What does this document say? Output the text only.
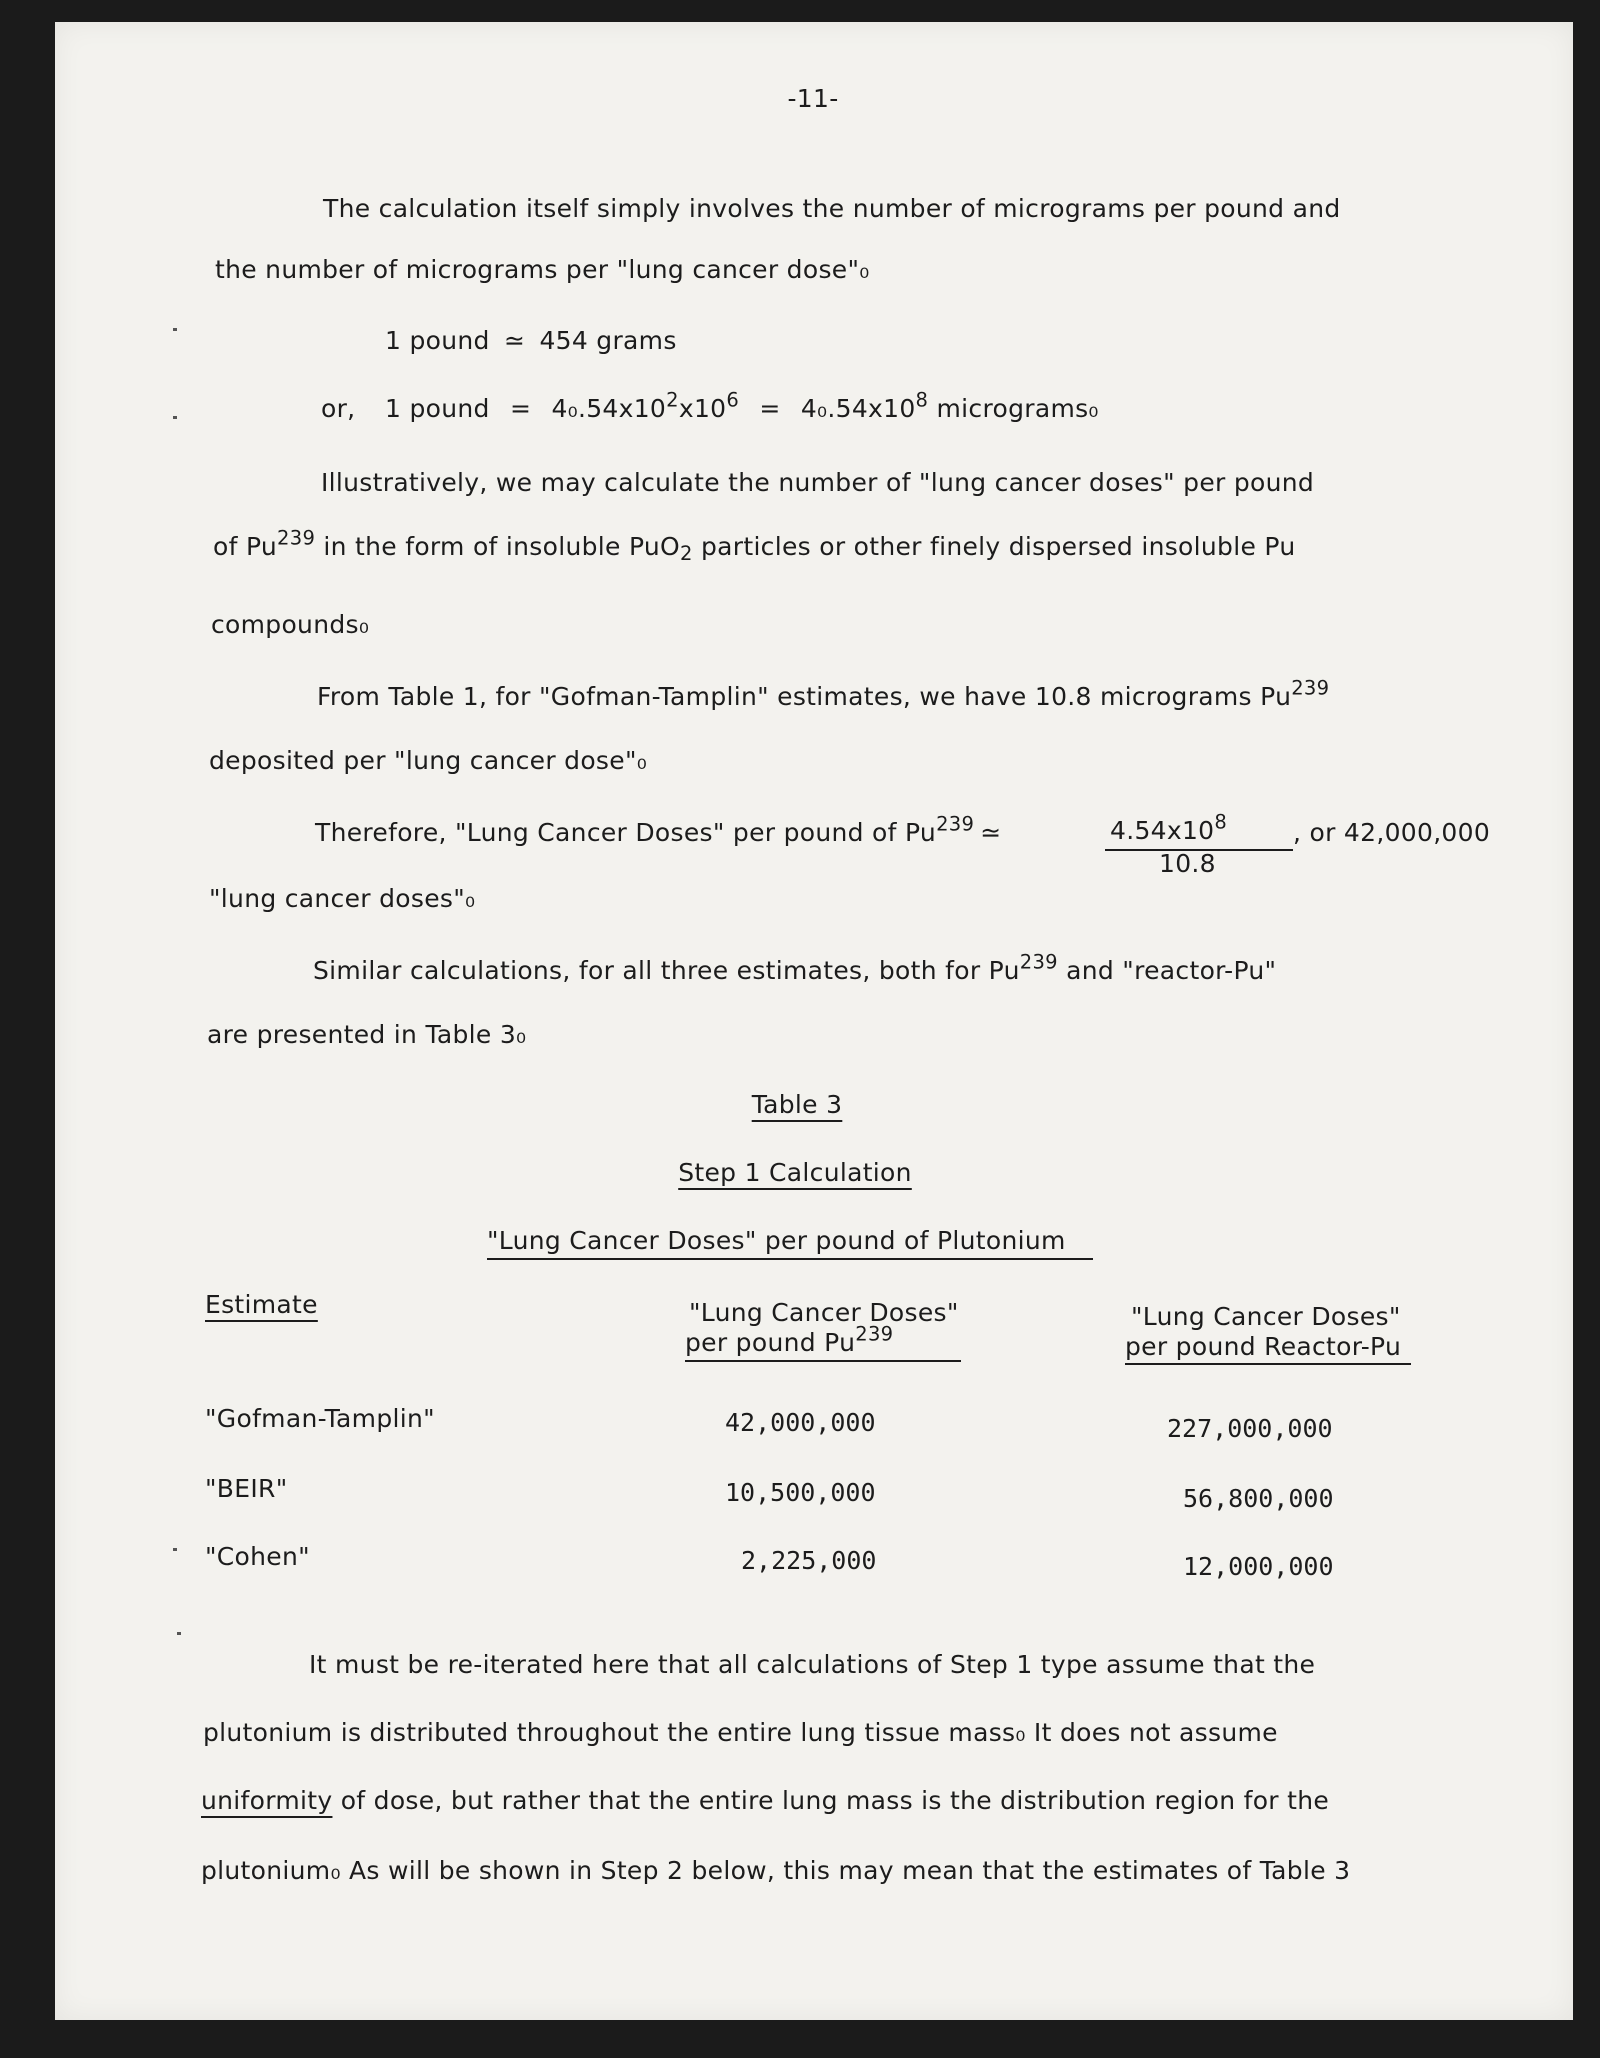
-11-
The calculation itself simply involves the number of micrograms per pound and
the number of micrograms per "lung cancer dose"₀
1 pound ≃ 454 grams
or, 1 pound = $4_0.54x10^2x10^6 = 4_0.54x10^8$ micrograms₀
Illustratively, we may calculate the number of "lung cancer doses" per pound
of Pu$^{239}$ in the form of insoluble PuO$_2$ particles or other finely dispersed insoluble Pu
compounds₀
From Table 1, for "Gofman-Tamplin" estimates, we have 10.8 micrograms Pu$^{239}$
deposited per "lung cancer dose"₀
Therefore, "Lung Cancer Doses" per pound of Pu$^{239}$ ≃	$4.54x10^8$
10.8
, or 42,000,000
"lung cancer doses"₀
Similar calculations, for all three estimates, both for Pu$^{239}$ and "reactor-Pu"
are presented in Table 3₀
Table 3
Step 1 Calculation
"Lung Cancer Doses" per pound of Plutonium
Estimate	"Lung Cancer Doses"
per pound Pu$^{239}$
"Lung Cancer Doses"
per pound Reactor-Pu
"Gofman-Tamplin"	42,000,000	227,000,000
"BEIR"	10,500,000	56,800,000
"Cohen"	2,225,000	12,000,000
It must be re-iterated here that all calculations of Step 1 type assume that the
plutonium is distributed throughout the entire lung tissue mass₀ It does not assume
uniformity of dose, but rather that the entire lung mass is the distribution region for the
plutonium₀ As will be shown in Step 2 below, this may mean that the estimates of Table 3
